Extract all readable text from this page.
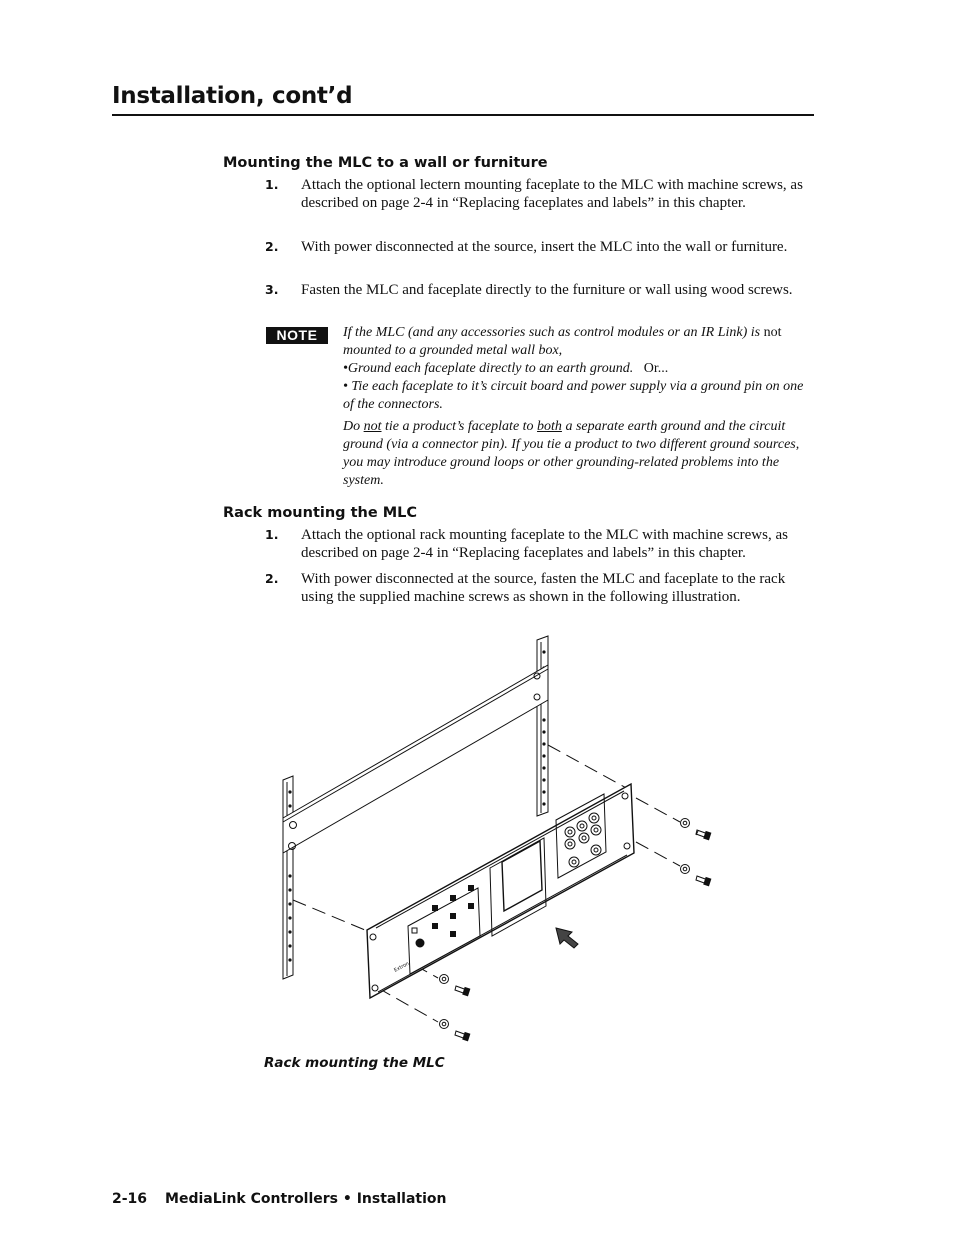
Installation, cont’d
Mounting the MLC to a wall or furniture
1. Attach the optional lectern mounting faceplate to the MLC with machine screws, as described on page 2-4 in “Replacing faceplates and labels” in this chapter.
2. With power disconnected at the source, insert the MLC into the wall or furniture.
3. Fasten the MLC and faceplate directly to the furniture or wall using wood screws.
NOTE	If the MLC (and any accessories such as control modules or an IR Link) is not mounted to a grounded metal wall box,
•Ground each faceplate directly to an earth ground. Or...
• Tie each faceplate to it’s circuit board and power supply via a ground pin on one of the connectors.
Do not tie a product’s faceplate to both a separate earth ground and the circuit ground (via a connector pin). If you tie a product to two different ground sources, you may introduce ground loops or other grounding-related problems into the system.
Rack mounting the MLC
1. Attach the optional rack mounting faceplate to the MLC with machine screws, as described on page 2-4 in “Replacing faceplates and labels” in this chapter.
2. With power disconnected at the source, fasten the MLC and faceplate to the rack using the supplied machine screws as shown in the following illustration.
Extron
Rack mounting the MLC
2-16 MediaLink Controllers • Installation
